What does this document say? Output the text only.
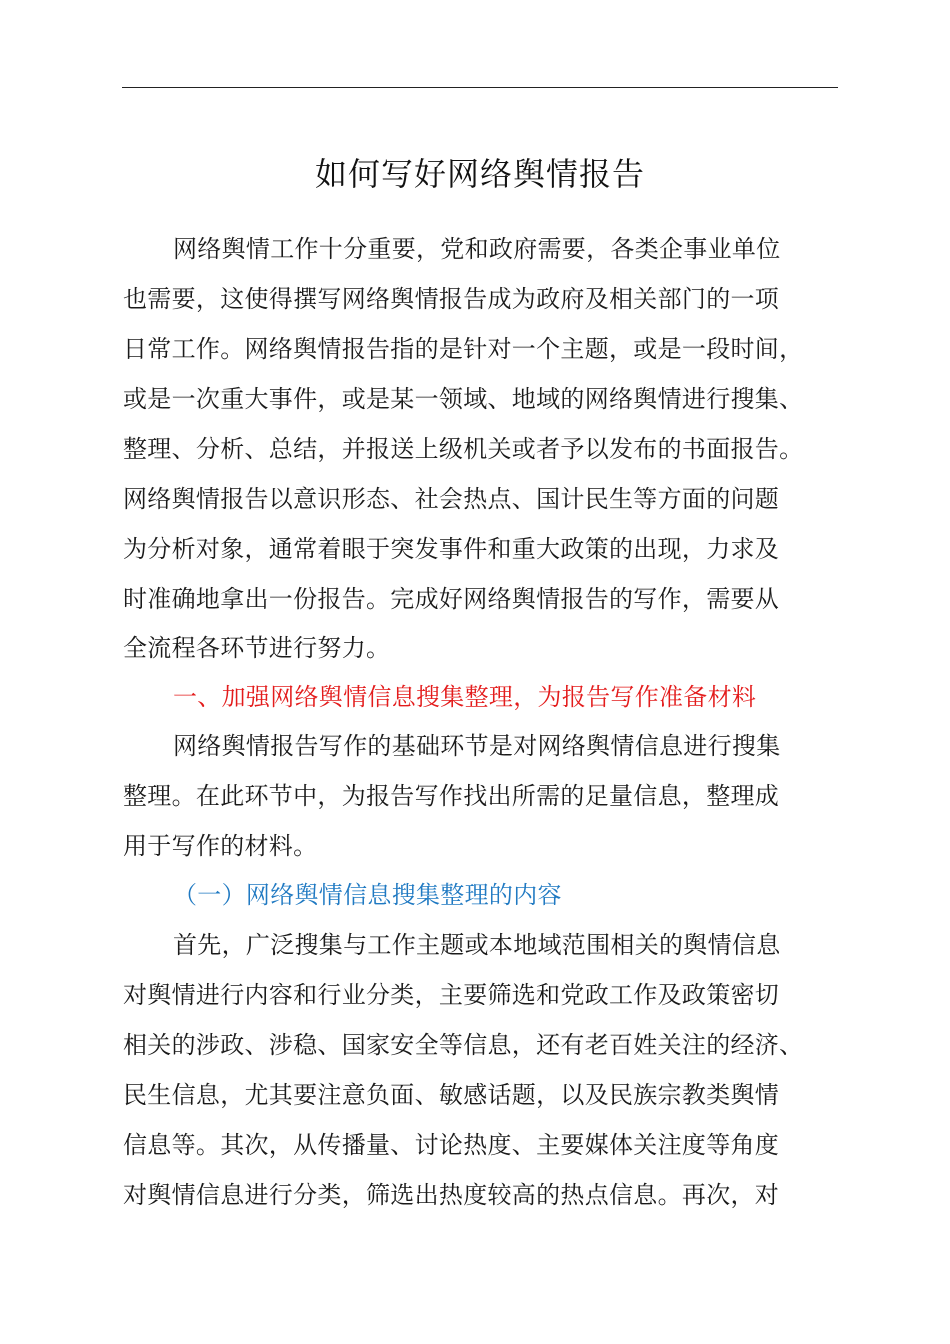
如何写好网络舆情报告
网络舆情工作十分重要，党和政府需要，各类企事业单位
也需要，这使得撰写网络舆情报告成为政府及相关部门的一项
日常工作。网络舆情报告指的是针对一个主题，或是一段时间，
或是一次重大事件，或是某一领域、地域的网络舆情进行搜集、
整理、分析、总结，并报送上级机关或者予以发布的书面报告。
网络舆情报告以意识形态、社会热点、国计民生等方面的问题
为分析对象，通常着眼于突发事件和重大政策的出现，力求及
时准确地拿出一份报告。完成好网络舆情报告的写作，需要从
全流程各环节进行努力。
一、加强网络舆情信息搜集整理，为报告写作准备材料
网络舆情报告写作的基础环节是对网络舆情信息进行搜集
整理。在此环节中，为报告写作找出所需的足量信息，整理成
用于写作的材料。
（一）网络舆情信息搜集整理的内容
首先，广泛搜集与工作主题或本地域范围相关的舆情信息
对舆情进行内容和行业分类，主要筛选和党政工作及政策密切
相关的涉政、涉稳、国家安全等信息，还有老百姓关注的经济、
民生信息，尤其要注意负面、敏感话题，以及民族宗教类舆情
信息等。其次，从传播量、讨论热度、主要媒体关注度等角度
对舆情信息进行分类，筛选出热度较高的热点信息。再次，对
